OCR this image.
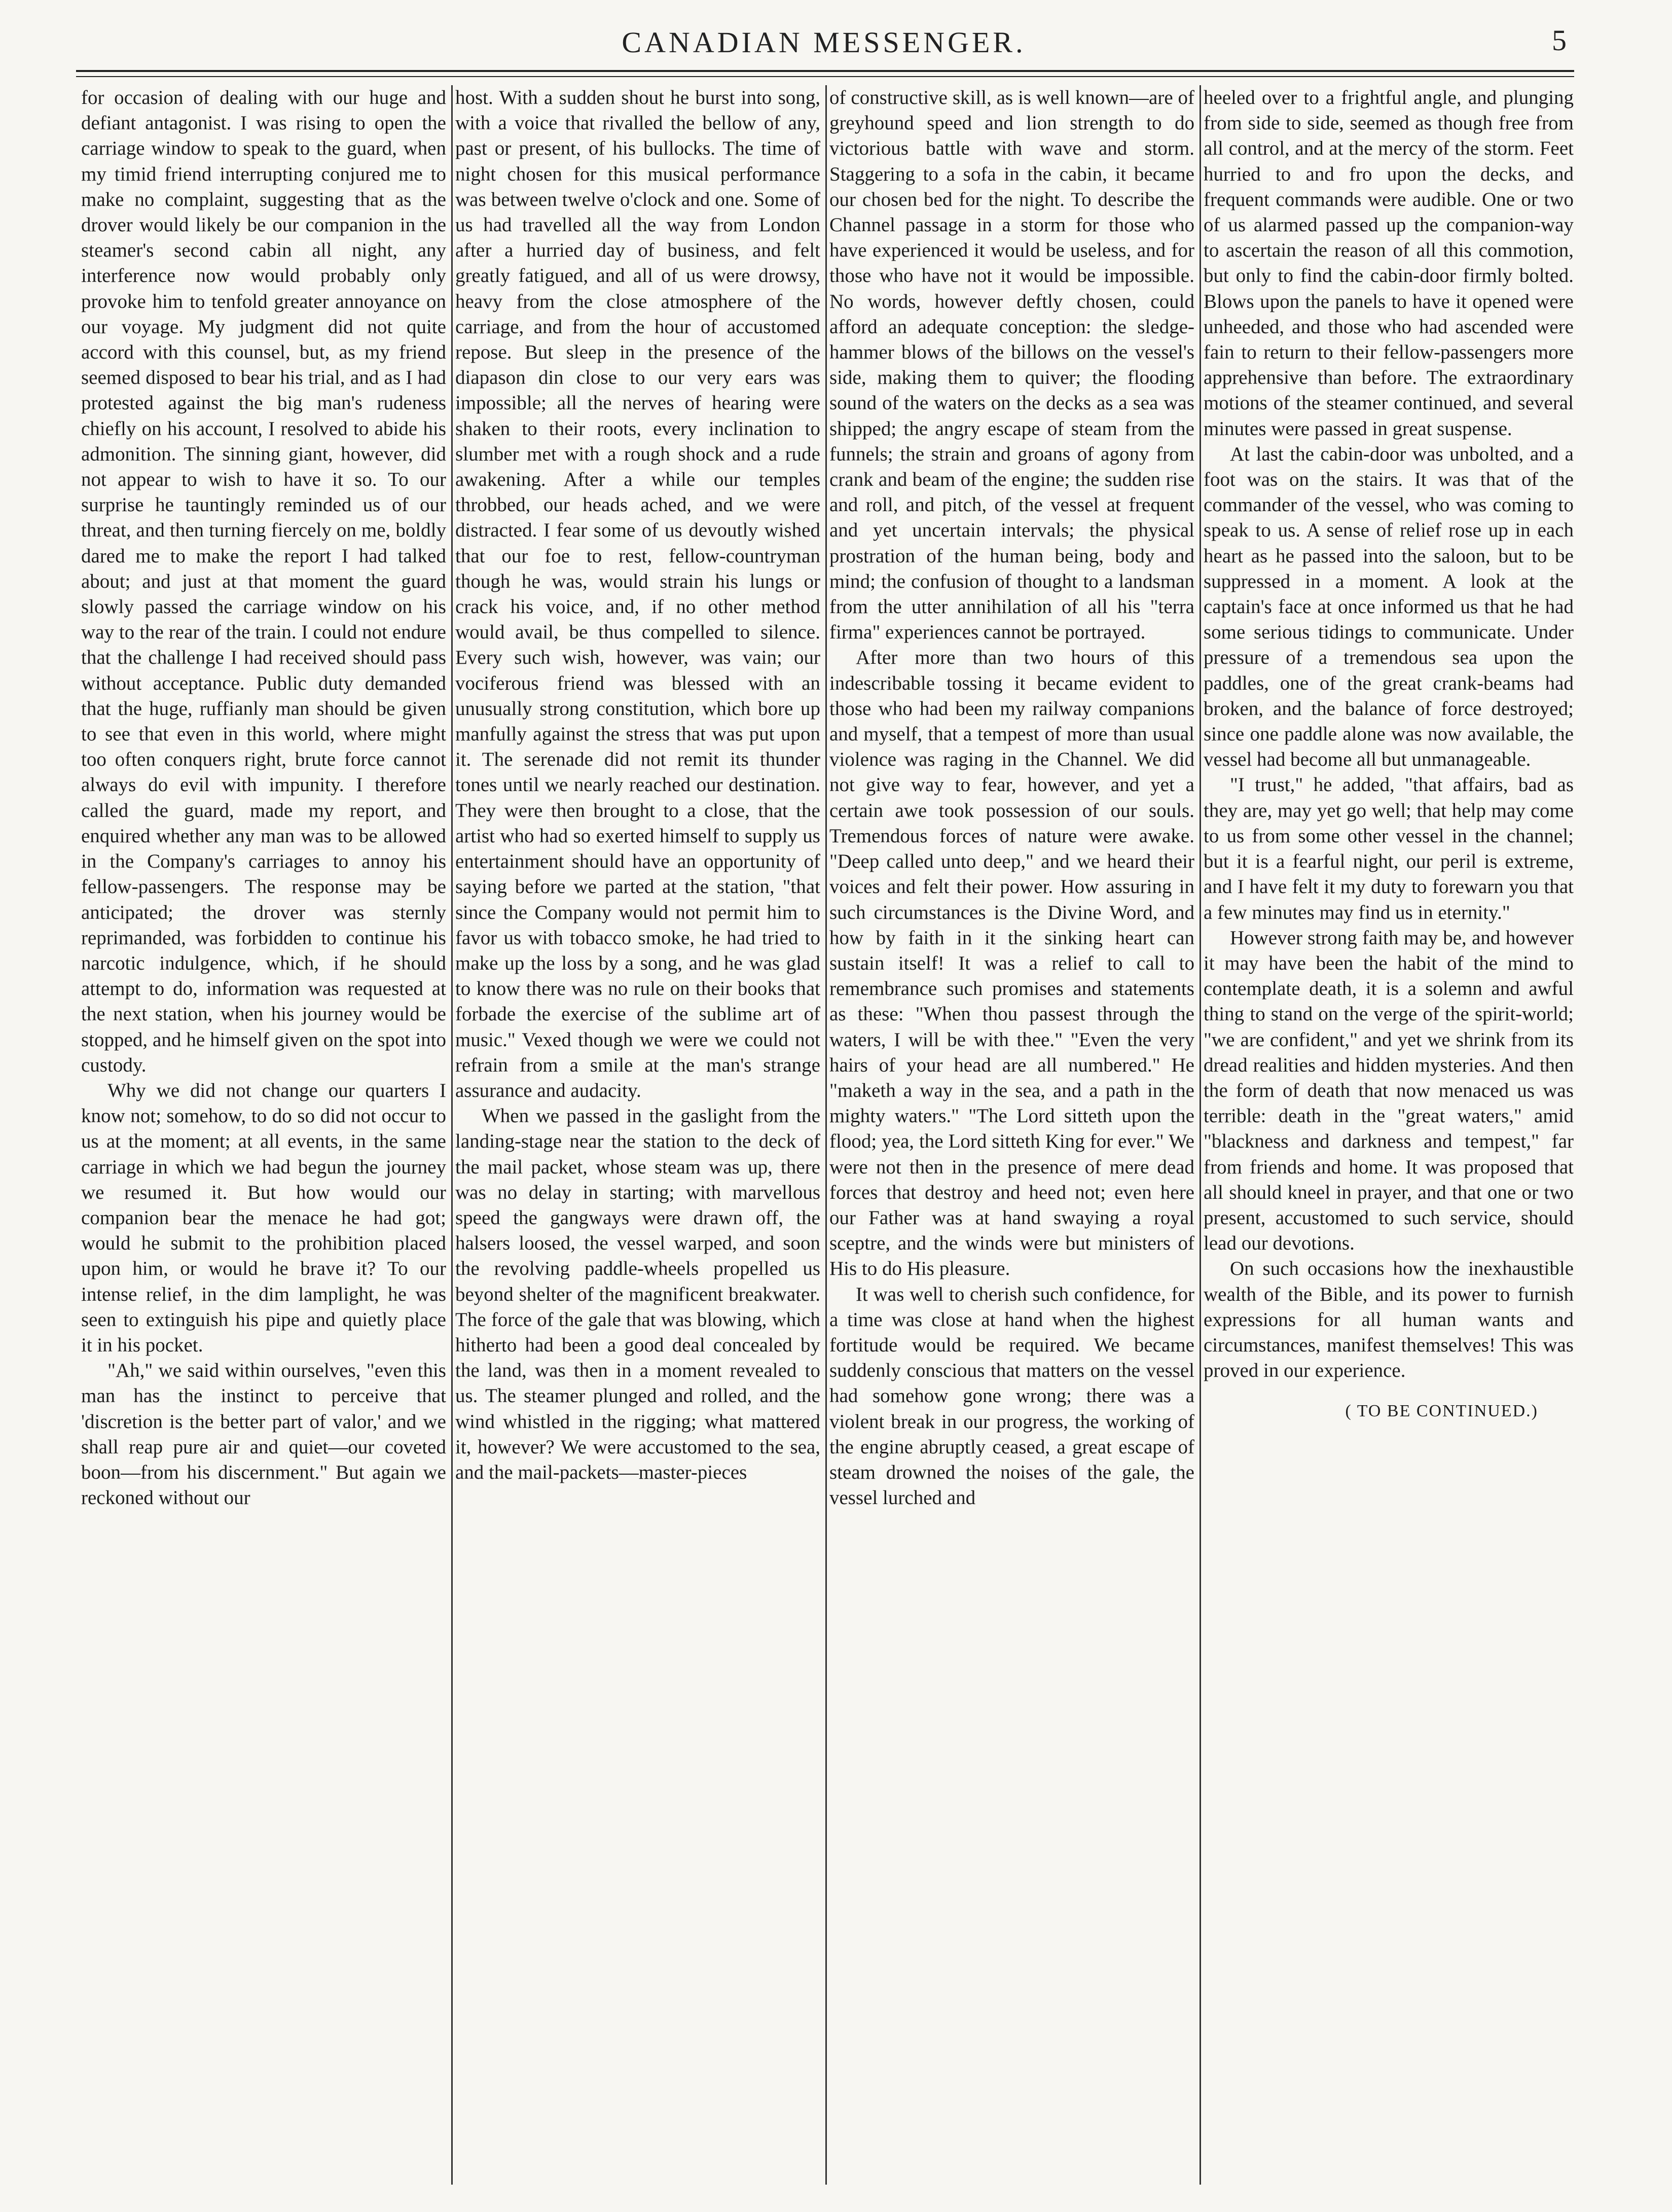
CANADIAN MESSENGER.	5

for occasion of dealing with our huge and defiant antagonist. I was rising to open the carriage window to speak to the guard, when my timid friend interrupting conjured me to make no complaint, suggesting that as the drover would likely be our companion in the steamer's second cabin all night, any interference now would probably only provoke him to tenfold greater annoyance on our voyage. My judgment did not quite accord with this counsel, but, as my friend seemed disposed to bear his trial, and as I had protested against the big man's rudeness chiefly on his account, I resolved to abide his admonition. The sinning giant, however, did not appear to wish to have it so. To our surprise he tauntingly reminded us of our threat, and then turning fiercely on me, boldly dared me to make the report I had talked about; and just at that moment the guard slowly passed the carriage window on his way to the rear of the train. I could not endure that the challenge I had received should pass without acceptance. Public duty demanded that the huge, ruffianly man should be given to see that even in this world, where might too often conquers right, brute force cannot always do evil with impunity. I therefore called the guard, made my report, and enquired whether any man was to be allowed in the Company's carriages to annoy his fellow-passengers. The response may be anticipated; the drover was sternly reprimanded, was forbidden to continue his narcotic indulgence, which, if he should attempt to do, information was requested at the next station, when his journey would be stopped, and he himself given on the spot into custody.

Why we did not change our quarters I know not; somehow, to do so did not occur to us at the moment; at all events, in the same carriage in which we had begun the journey we resumed it. But how would our companion bear the menace he had got; would he submit to the prohibition placed upon him, or would he brave it? To our intense relief, in the dim lamplight, he was seen to extinguish his pipe and quietly place it in his pocket.

"Ah," we said within ourselves, "even this man has the instinct to perceive that 'discretion is the better part of valor,' and we shall reap pure air and quiet—our coveted boon—from his discernment." But again we reckoned without our

host. With a sudden shout he burst into song, with a voice that rivalled the bellow of any, past or present, of his bullocks. The time of night chosen for this musical performance was between twelve o'clock and one. Some of us had travelled all the way from London after a hurried day of business, and felt greatly fatigued, and all of us were drowsy, heavy from the close atmosphere of the carriage, and from the hour of accustomed repose. But sleep in the presence of the diapason din close to our very ears was impossible; all the nerves of hearing were shaken to their roots, every inclination to slumber met with a rough shock and a rude awakening. After a while our temples throbbed, our heads ached, and we were distracted. I fear some of us devoutly wished that our foe to rest, fellow-countryman though he was, would strain his lungs or crack his voice, and, if no other method would avail, be thus compelled to silence. Every such wish, however, was vain; our vociferous friend was blessed with an unusually strong constitution, which bore up manfully against the stress that was put upon it. The serenade did not remit its thunder tones until we nearly reached our destination. They were then brought to a close, that the artist who had so exerted himself to supply us entertainment should have an opportunity of saying before we parted at the station, "that since the Company would not permit him to favor us with tobacco smoke, he had tried to make up the loss by a song, and he was glad to know there was no rule on their books that forbade the exercise of the sublime art of music." Vexed though we were we could not refrain from a smile at the man's strange assurance and audacity.

When we passed in the gaslight from the landing-stage near the station to the deck of the mail packet, whose steam was up, there was no delay in starting; with marvellous speed the gangways were drawn off, the halsers loosed, the vessel warped, and soon the revolving paddle-wheels propelled us beyond shelter of the magnificent breakwater. The force of the gale that was blowing, which hitherto had been a good deal concealed by the land, was then in a moment revealed to us. The steamer plunged and rolled, and the wind whistled in the rigging; what mattered it, however? We were accustomed to the sea, and the mail-packets—master-pieces

of constructive skill, as is well known—are of greyhound speed and lion strength to do victorious battle with wave and storm. Staggering to a sofa in the cabin, it became our chosen bed for the night. To describe the Channel passage in a storm for those who have experienced it would be useless, and for those who have not it would be impossible. No words, however deftly chosen, could afford an adequate conception: the sledge-hammer blows of the billows on the vessel's side, making them to quiver; the flooding sound of the waters on the decks as a sea was shipped; the angry escape of steam from the funnels; the strain and groans of agony from crank and beam of the engine; the sudden rise and roll, and pitch, of the vessel at frequent and yet uncertain intervals; the physical prostration of the human being, body and mind; the confusion of thought to a landsman from the utter annihilation of all his "terra firma" experiences cannot be portrayed.

After more than two hours of this indescribable tossing it became evident to those who had been my railway companions and myself, that a tempest of more than usual violence was raging in the Channel. We did not give way to fear, however, and yet a certain awe took possession of our souls. Tremendous forces of nature were awake. "Deep called unto deep," and we heard their voices and felt their power. How assuring in such circumstances is the Divine Word, and how by faith in it the sinking heart can sustain itself! It was a relief to call to remembrance such promises and statements as these: "When thou passest through the waters, I will be with thee." "Even the very hairs of your head are all numbered." He "maketh a way in the sea, and a path in the mighty waters." "The Lord sitteth upon the flood; yea, the Lord sitteth King for ever." We were not then in the presence of mere dead forces that destroy and heed not; even here our Father was at hand swaying a royal sceptre, and the winds were but ministers of His to do His pleasure.

It was well to cherish such confidence, for a time was close at hand when the highest fortitude would be required. We became suddenly conscious that matters on the vessel had somehow gone wrong; there was a violent break in our progress, the working of the engine abruptly ceased, a great escape of steam drowned the noises of the gale, the vessel lurched and

heeled over to a frightful angle, and plunging from side to side, seemed as though free from all control, and at the mercy of the storm. Feet hurried to and fro upon the decks, and frequent commands were audible. One or two of us alarmed passed up the companion-way to ascertain the reason of all this commotion, but only to find the cabin-door firmly bolted. Blows upon the panels to have it opened were unheeded, and those who had ascended were fain to return to their fellow-passengers more apprehensive than before. The extraordinary motions of the steamer continued, and several minutes were passed in great suspense.

At last the cabin-door was unbolted, and a foot was on the stairs. It was that of the commander of the vessel, who was coming to speak to us. A sense of relief rose up in each heart as he passed into the saloon, but to be suppressed in a moment. A look at the captain's face at once informed us that he had some serious tidings to communicate. Under pressure of a tremendous sea upon the paddles, one of the great crank-beams had broken, and the balance of force destroyed; since one paddle alone was now available, the vessel had become all but unmanageable.

"I trust," he added, "that affairs, bad as they are, may yet go well; that help may come to us from some other vessel in the channel; but it is a fearful night, our peril is extreme, and I have felt it my duty to forewarn you that a few minutes may find us in eternity."

However strong faith may be, and however it may have been the habit of the mind to contemplate death, it is a solemn and awful thing to stand on the verge of the spirit-world; "we are confident," and yet we shrink from its dread realities and hidden mysteries. And then the form of death that now menaced us was terrible: death in the "great waters," amid "blackness and darkness and tempest," far from friends and home. It was proposed that all should kneel in prayer, and that one or two present, accustomed to such service, should lead our devotions.

On such occasions how the inexhaustible wealth of the Bible, and its power to furnish expressions for all human wants and circumstances, manifest themselves! This was proved in our experience.

( TO BE CONTINUED.)
